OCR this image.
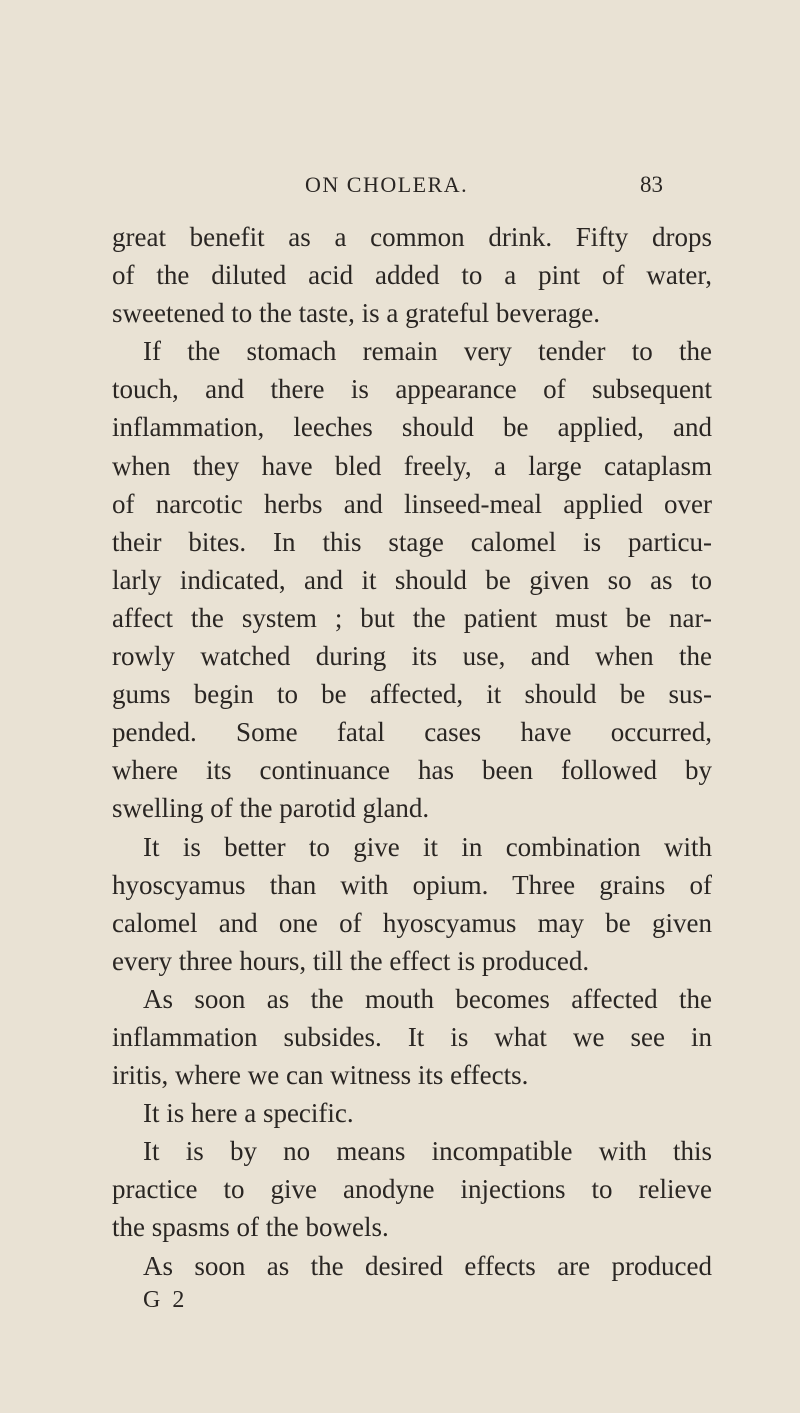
ON CHOLERA.	83
great benefit as a common drink. Fifty drops
of the diluted acid added to a pint of water,
sweetened to the taste, is a grateful beverage.
If the stomach remain very tender to the
touch, and there is appearance of subsequent
inflammation, leeches should be applied, and
when they have bled freely, a large cataplasm
of narcotic herbs and linseed-meal applied over
their bites. In this stage calomel is particu-
larly indicated, and it should be given so as to
affect the system ; but the patient must be nar-
rowly watched during its use, and when the
gums begin to be affected, it should be sus-
pended. Some fatal cases have occurred,
where its continuance has been followed by
swelling of the parotid gland.
It is better to give it in combination with
hyoscyamus than with opium. Three grains of
calomel and one of hyoscyamus may be given
every three hours, till the effect is produced.
As soon as the mouth becomes affected the
inflammation subsides. It is what we see in
iritis, where we can witness its effects.
It is here a specific.
It is by no means incompatible with this
practice to give anodyne injections to relieve
the spasms of the bowels.
As soon as the desired effects are produced
G 2
